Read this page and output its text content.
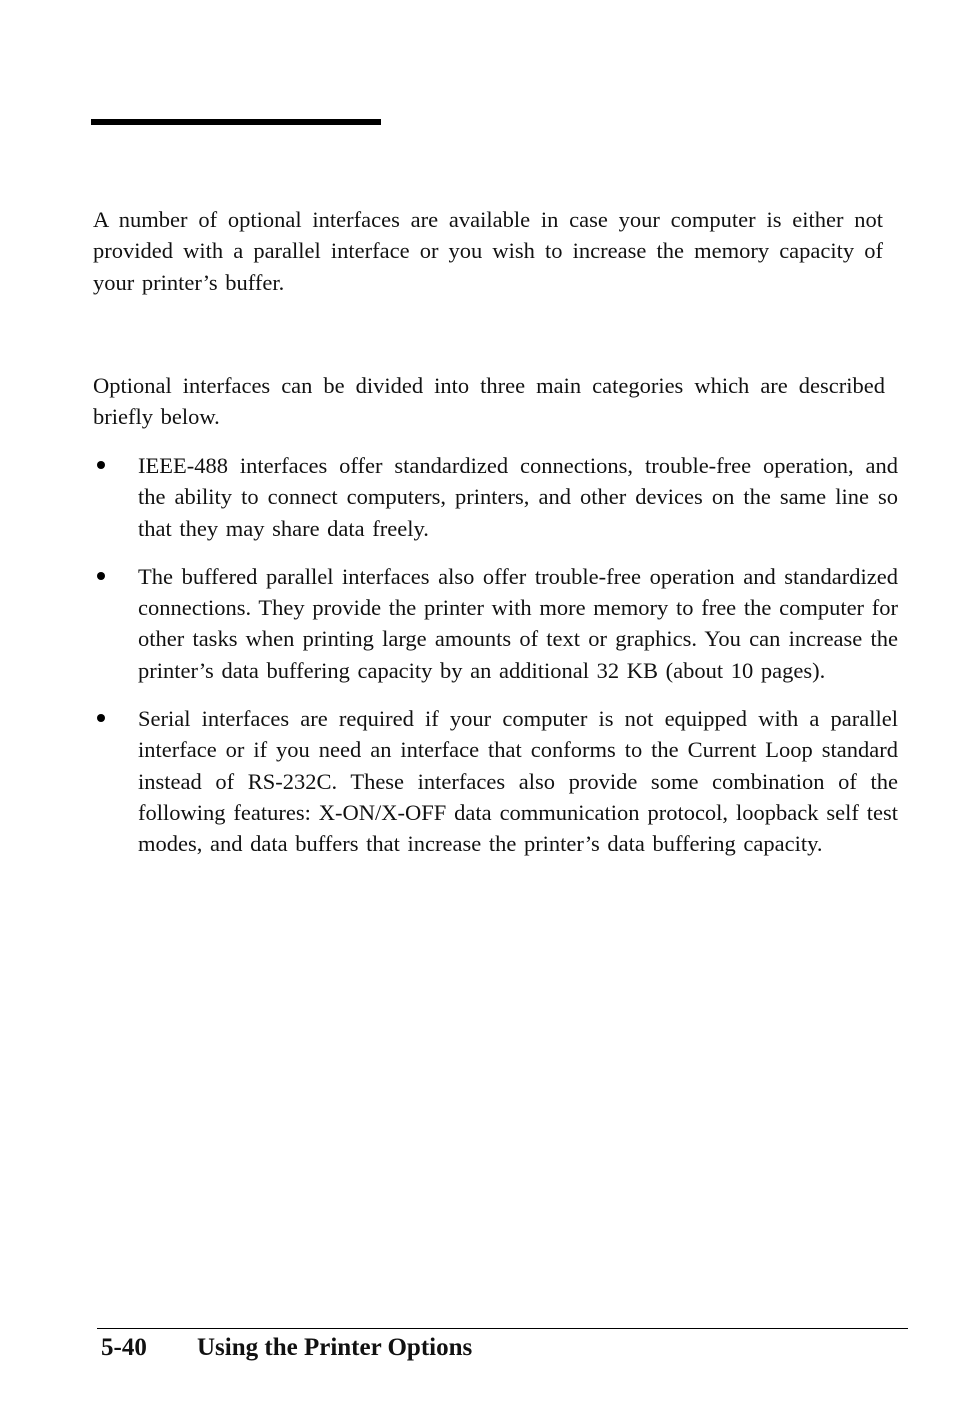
A number of optional interfaces are available in case your computer is either not provided with a parallel interface or you wish to increase the memory capacity of your printer’s buffer.

Optional interfaces can be divided into three main categories which are described briefly below.

IEEE-488 interfaces offer standardized connections, trouble-free operation, and the ability to connect computers, printers, and other devices on the same line so that they may share data freely.
The buffered parallel interfaces also offer trouble-free operation and standardized connections. They provide the printer with more memory to free the computer for other tasks when printing large amounts of text or graphics. You can increase the printer’s data buffering capacity by an additional 32 KB (about 10 pages).
Serial interfaces are required if your computer is not equipped with a parallel interface or if you need an interface that conforms to the Current Loop standard instead of RS-232C. These interfaces also provide some combination of the following features: X-ON/X-OFF data communication protocol, loopback self test modes, and data buffers that increase the printer’s data buffering capacity.
5-40 Using the Printer Options
